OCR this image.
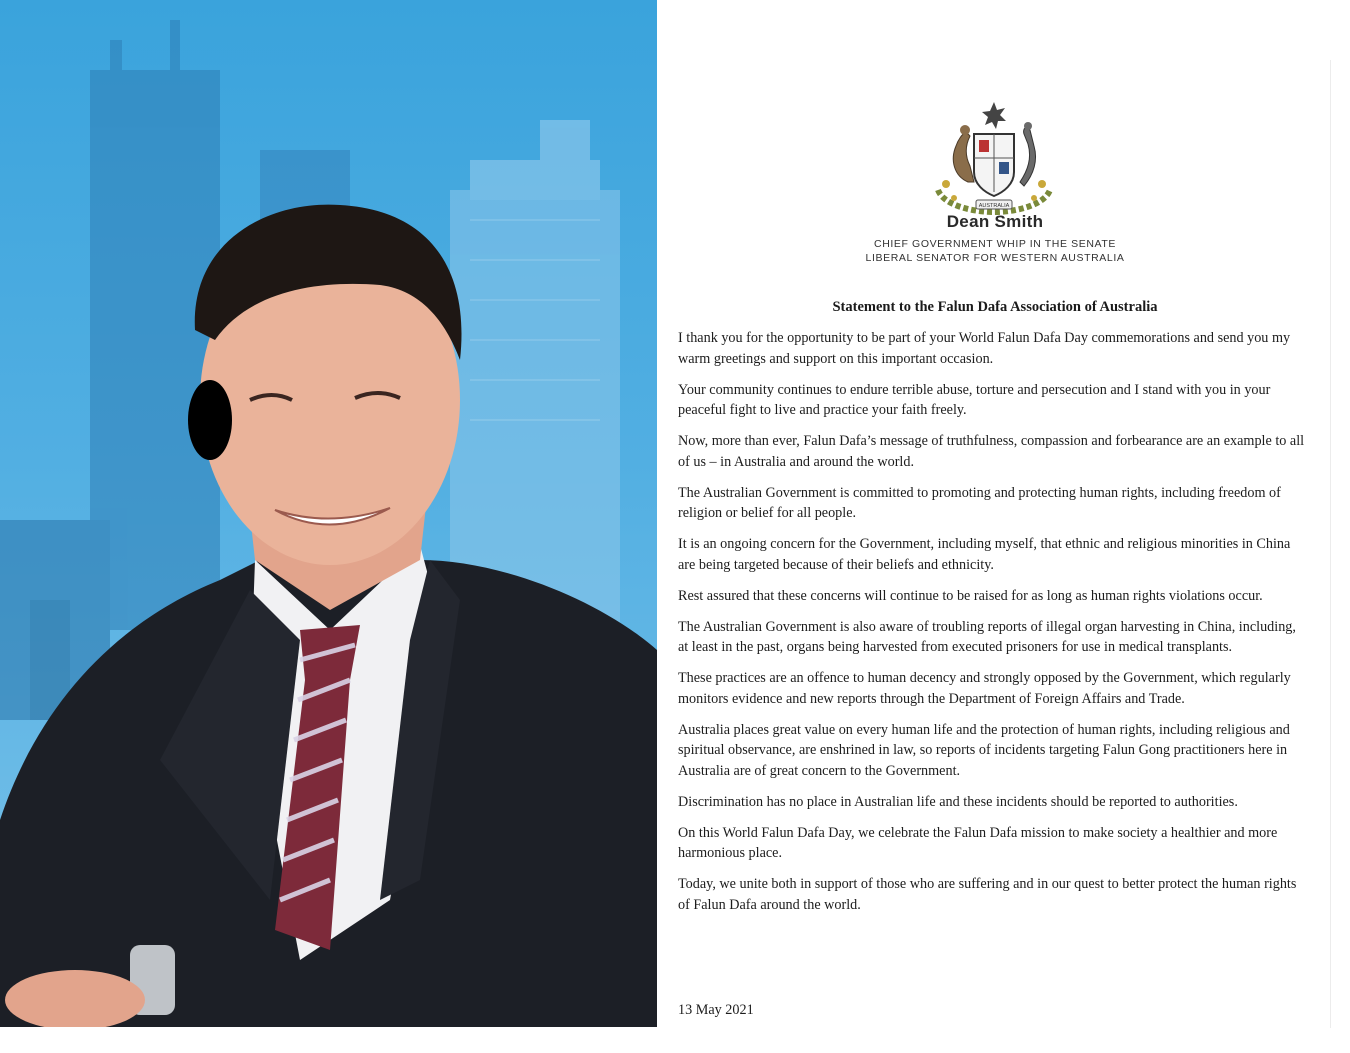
AUSTRALIA
Dean Smith
CHIEF GOVERNMENT WHIP IN THE SENATE
LIBERAL SENATOR FOR WESTERN AUSTRALIA
Statement to the Falun Dafa Association of Australia

I thank you for the opportunity to be part of your World Falun Dafa Day commemorations and send you my warm greetings and support on this important occasion.

Your community continues to endure terrible abuse, torture and persecution and I stand with you in your peaceful fight to live and practice your faith freely.

Now, more than ever, Falun Dafa’s message of truthfulness, compassion and forbearance are an example to all of us – in Australia and around the world.

The Australian Government is committed to promoting and protecting human rights, including freedom of religion or belief for all people.

It is an ongoing concern for the Government, including myself, that ethnic and religious minorities in China are being targeted because of their beliefs and ethnicity.

Rest assured that these concerns will continue to be raised for as long as human rights violations occur.

The Australian Government is also aware of troubling reports of illegal organ harvesting in China, including, at least in the past, organs being harvested from executed prisoners for use in medical transplants.

These practices are an offence to human decency and strongly opposed by the Government, which regularly monitors evidence and new reports through the Department of Foreign Affairs and Trade.

Australia places great value on every human life and the protection of human rights, including religious and spiritual observance, are enshrined in law, so reports of incidents targeting Falun Gong practitioners here in Australia are of great concern to the Government.

Discrimination has no place in Australian life and these incidents should be reported to authorities.

On this World Falun Dafa Day, we celebrate the Falun Dafa mission to make society a healthier and more harmonious place.

Today, we unite both in support of those who are suffering and in our quest to better protect the human rights of Falun Dafa around the world.

13 May 2021
